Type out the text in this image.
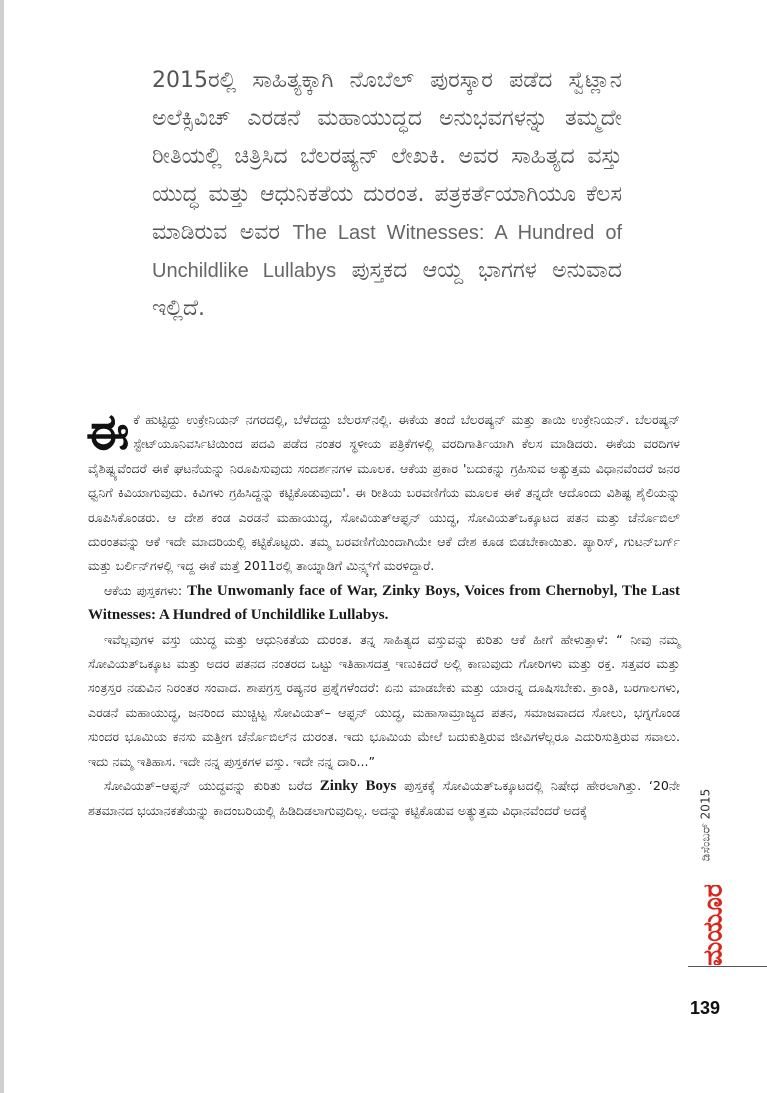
2015ರಲ್ಲಿ ಸಾಹಿತ್ಯಕ್ಕಾಗಿ ನೊಬೆಲ್ ಪುರಸ್ಕಾರ ಪಡೆದ ಸ್ವೆಟ್ಲಾನ ಅಲೆಕ್ಸಿವಿಚ್ ಎರಡನೆ ಮಹಾಯುದ್ಧದ ಅನುಭವಗಳನ್ನು ತಮ್ಮದೇ ರೀತಿಯಲ್ಲಿ ಚಿತ್ರಿಸಿದ ಬೆಲರಷ್ಯನ್ ಲೇಖಕಿ. ಅವರ ಸಾಹಿತ್ಯದ ವಸ್ತು ಯುದ್ಧ ಮತ್ತು ಆಧುನಿಕತೆಯ ದುರಂತ. ಪತ್ರಕರ್ತೆಯಾಗಿಯೂ ಕೆಲಸ ಮಾಡಿರುವ ಅವರ The Last Witnesses: A Hundred of Unchildlike Lullabys ಪುಸ್ತಕದ ಆಯ್ದ ಭಾಗಗಳ ಅನುವಾದ ಇಲ್ಲಿದೆ.

ಈಕೆ ಹುಟ್ಟಿದ್ದು ಉಕ್ರೇನಿಯನ್ ನಗರದಲ್ಲಿ, ಬೆಳೆದದ್ದು ಬೆಲರಸ್‌ನಲ್ಲಿ. ಈಕೆಯ ತಂದೆ ಬೆಲರಷ್ಯನ್ ಮತ್ತು ತಾಯಿ ಉಕ್ರೇನಿಯನ್. ಬೆಲರಷ್ಯನ್ ಸ್ಟೇಟ್‌ಯೂನಿವರ್ಸಿಟಿಯಿಂದ ಪದವಿ ಪಡೆದ ನಂತರ ಸ್ಥಳೀಯ ಪತ್ರಿಕೆಗಳಲ್ಲಿ ವರದಿಗಾರ್ತಿಯಾಗಿ ಕೆಲಸ ಮಾಡಿದರು. ಈಕೆಯ ವರದಿಗಳ ವೈಶಿಷ್ಟ್ಯವೆಂದರೆ ಈಕೆ ಘಟನೆಯನ್ನು ನಿರೂಪಿಸುವುದು ಸಂದರ್ಶನಗಳ ಮೂಲಕ. ಆಕೆಯ ಪ್ರಕಾರ 'ಬದುಕನ್ನು ಗ್ರಹಿಸುವ ಅತ್ಯುತ್ತಮ ವಿಧಾನವೆಂದರೆ ಜನರ ಧ್ವನಿಗೆ ಕಿವಿಯಾಗುವುದು. ಕಿವಿಗಳು ಗ್ರಹಿಸಿದ್ದನ್ನು ಕಟ್ಟಿಕೊಡುವುದು'. ಈ ರೀತಿಯ ಬರವಣಿಗೆಯ ಮೂಲಕ ಈಕೆ ತನ್ನದೇ ಆದೊಂದು ವಿಶಿಷ್ಟ ಶೈಲಿಯನ್ನು ರೂಪಿಸಿಕೊಂಡರು. ಆ ದೇಶ ಕಂಡ ಎರಡನೆ ಮಹಾಯುದ್ಧ, ಸೋವಿಯತ್‌ಆಫ್ಘನ್ ಯುದ್ಧ, ಸೋವಿಯತ್‌ಒಕ್ಕೂಟದ ಪತನ ಮತ್ತು ಚೆರ್ನೊಬಿಲ್ ದುರಂತವನ್ನು ಆಕೆ ಇದೇ ಮಾದರಿಯಲ್ಲಿ ಕಟ್ಟಿಕೊಟ್ಟರು. ತಮ್ಮ ಬರವಣಿಗೆಯಿಂದಾಗಿಯೇ ಆಕೆ ದೇಶ ಕೂಡ ಬಿಡಬೇಕಾಯಿತು. ಪ್ಯಾರಿಸ್, ಗುಟನ್‌ಬರ್ಗ್ ಮತ್ತು ಬರ್ಲಿನ್‌ಗಳಲ್ಲಿ ಇದ್ದ ಈಕೆ ಮತ್ತೆ 2011ರಲ್ಲಿ ತಾಯ್ನಾಡಿಗೆ ಮಿನ್ಸ್ಕ್‌ಗೆ ಮರಳಿದ್ದಾರೆ.

ಆಕೆಯ ಪುಸ್ತಕಗಳು: The Unwomanly face of War, Zinky Boys, Voices from Chernobyl, The Last Witnesses: A Hundred of Unchildlike Lullabys.

ಇವೆಲ್ಲವುಗಳ ವಸ್ತು ಯುದ್ಧ ಮತ್ತು ಆಧುನಿಕತೆಯ ದುರಂತ. ತನ್ನ ಸಾಹಿತ್ಯದ ವಸ್ತುವನ್ನು ಕುರಿತು ಆಕೆ ಹೀಗೆ ಹೇಳುತ್ತಾಳೆ: “ ನೀವು ನಮ್ಮ ಸೋವಿಯತ್‌ಒಕ್ಕೂಟ ಮತ್ತು ಅದರ ಪತನದ ನಂತರದ ಒಟ್ಟು ಇತಿಹಾಸದತ್ತ ಇಣುಕಿದರೆ ಅಲ್ಲಿ ಕಾಣುವುದು ಗೋರಿಗಳು ಮತ್ತು ರಕ್ತ. ಸತ್ತವರ ಮತ್ತು ಸಂತ್ರಸ್ತರ ನಡುವಿನ ನಿರಂತರ ಸಂವಾದ. ಶಾಪಗ್ರಸ್ತ ರಷ್ಯನರ ಪ್ರಶ್ನೆಗಳೆಂದರೆ: ಏನು ಮಾಡಬೇಕು ಮತ್ತು ಯಾರನ್ನ ದೂಷಿಸಬೇಕು. ಕ್ರಾಂತಿ, ಬರಗಾಲಗಳು, ಎರಡನೆ ಮಹಾಯುದ್ಧ, ಜನರಿಂದ ಮುಚ್ಚಿಟ್ಟ ಸೋವಿಯತ್– ಆಫ್ಘನ್ ಯುದ್ಧ, ಮಹಾಸಾಮ್ರಾಜ್ಯದ ಪತನ, ಸಮಾಜವಾದದ ಸೋಲು, ಭಗ್ನಗೊಂಡ ಸುಂದರ ಭೂಮಿಯ ಕನಸು ಮತ್ತೀಗ ಚೆರ್ನೊಬಿಲ್‌ನ ದುರಂತ. ಇದು ಭೂಮಿಯ ಮೇಲೆ ಬದುಕುತ್ತಿರುವ ಜೀವಿಗಳೆಲ್ಲರೂ ಎದುರಿಸುತ್ತಿರುವ ಸವಾಲು. ಇದು ನಮ್ಮ ಇತಿಹಾಸ. ಇದೇ ನನ್ನ ಪುಸ್ತಕಗಳ ವಸ್ತು. ಇದೇ ನನ್ನ ದಾರಿ...”

ಸೋವಿಯತ್–ಆಫ್ಘನ್ ಯುದ್ಧವನ್ನು ಕುರಿತು ಬರೆದ Zinky Boys ಪುಸ್ತಕಕ್ಕೆ ಸೋವಿಯತ್‌ಒಕ್ಕೂಟದಲ್ಲಿ ನಿಷೇಧ ಹೇರಲಾಗಿತ್ತು. ‘20ನೇ ಶತಮಾನದ ಭಯಾನಕತೆಯನ್ನು ಕಾದಂಬರಿಯಲ್ಲಿ ಹಿಡಿದಿಡಲಾಗುವುದಿಲ್ಲ. ಅದನ್ನು ಕಟ್ಟಿಕೊಡುವ ಅತ್ಯುತ್ತಮ ವಿಧಾನವೆಂದರೆ ಅದಕ್ಕೆ	ಡಿಸೆಂಬರ್ 2015
ಮಯೂರ
139
